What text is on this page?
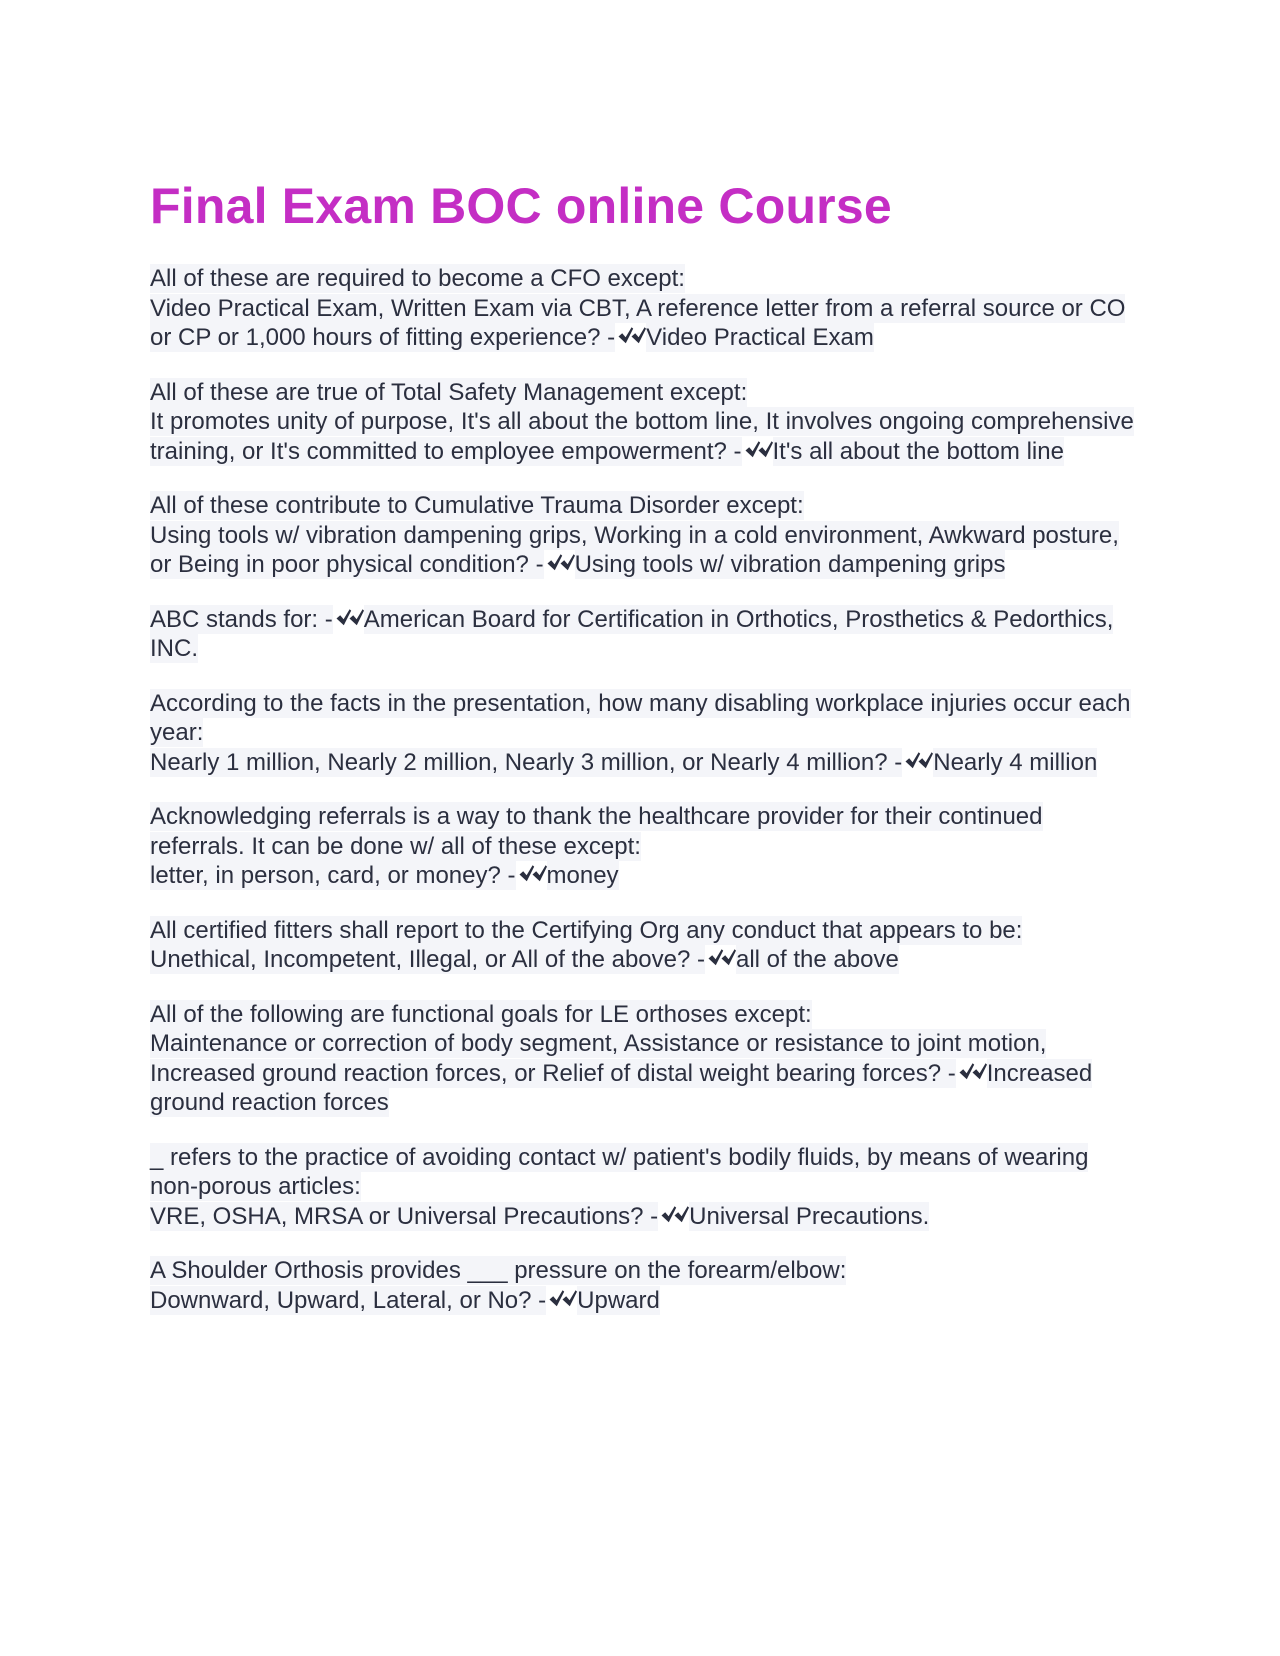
Final Exam BOC online Course

All of these are required to become a CFO except:
Video Practical Exam, Written Exam via CBT, A reference letter from a referral source or CO or CP or 1,000 hours of fitting experience? - Video Practical Exam

All of these are true of Total Safety Management except:
It promotes unity of purpose, It's all about the bottom line, It involves ongoing comprehensive training, or It's committed to employee empowerment? - It's all about the bottom line

All of these contribute to Cumulative Trauma Disorder except:
Using tools w/ vibration dampening grips, Working in a cold environment, Awkward posture, or Being in poor physical condition? - Using tools w/ vibration dampening grips

ABC stands for: - American Board for Certification in Orthotics, Prosthetics & Pedorthics, INC.

According to the facts in the presentation, how many disabling workplace injuries occur each year:
Nearly 1 million, Nearly 2 million, Nearly 3 million, or Nearly 4 million? - Nearly 4 million

Acknowledging referrals is a way to thank the healthcare provider for their continued referrals. It can be done w/ all of these except:
letter, in person, card, or money? - money

All certified fitters shall report to the Certifying Org any conduct that appears to be:
Unethical, Incompetent, Illegal, or All of the above? - all of the above

All of the following are functional goals for LE orthoses except:
Maintenance or correction of body segment, Assistance or resistance to joint motion, Increased ground reaction forces, or Relief of distal weight bearing forces? - Increased ground reaction forces

_ refers to the practice of avoiding contact w/ patient's bodily fluids, by means of wearing non-porous articles:
VRE, OSHA, MRSA or Universal Precautions? - Universal Precautions.

A Shoulder Orthosis provides ___ pressure on the forearm/elbow:
Downward, Upward, Lateral, or No? - Upward
